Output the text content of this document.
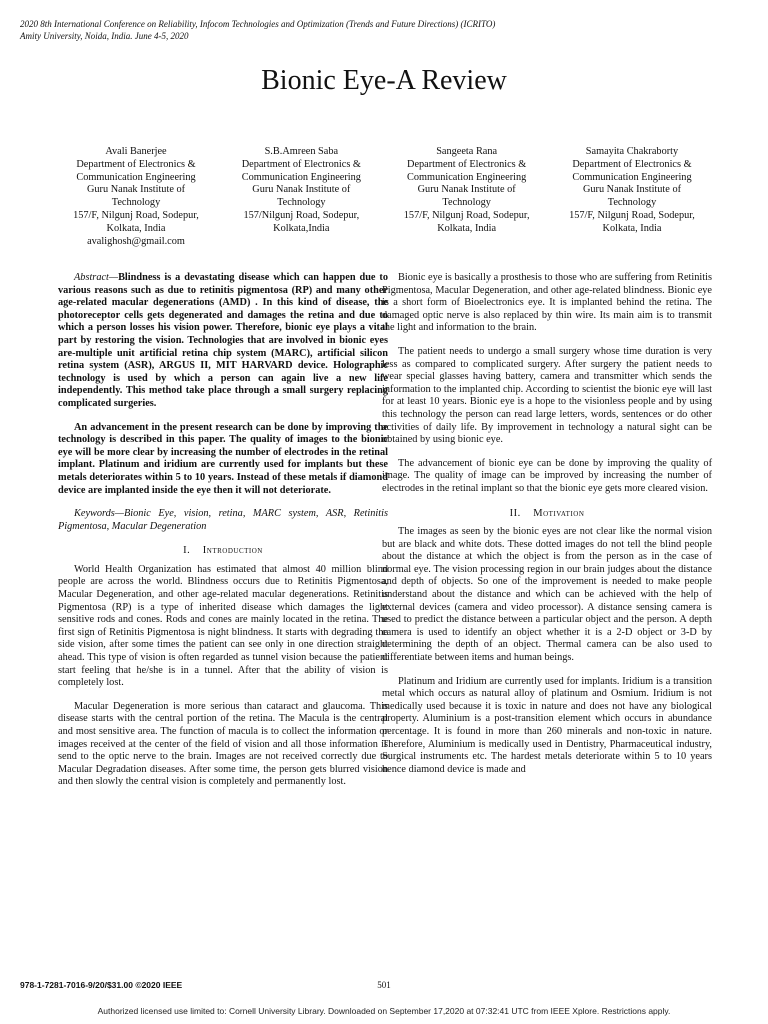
2020 8th International Conference on Reliability, Infocom Technologies and Optimization (Trends and Future Directions) (ICRITO)
Amity University, Noida, India. June 4-5, 2020
Bionic Eye-A Review
Avali Banerjee
Department of Electronics &
Communication Engineering
Guru Nanak Institute of
Technology
157/F, Nilgunj Road, Sodepur,
Kolkata, India
avalighosh@gmail.com
S.B.Amreen Saba
Department of Electronics &
Communication Engineering
Guru Nanak Institute of
Technology
157/Nilgunj Road, Sodepur,
Kolkata,India
Sangeeta Rana
Department of Electronics &
Communication Engineering
Guru Nanak Institute of
Technology
157/F, Nilgunj Road, Sodepur,
Kolkata, India
Samayita Chakraborty
Department of Electronics &
Communication Engineering
Guru Nanak Institute of
Technology
157/F, Nilgunj Road, Sodepur,
Kolkata, India

Abstract—Blindness is a devastating disease which can happen due to various reasons such as due to retinitis pigmentosa (RP) and many other age-related macular degenerations (AMD) . In this kind of disease, the photoreceptor cells gets degenerated and damages the retina and due to which a person losses his vision power. Therefore, bionic eye plays a vital part by restoring the vision. Technologies that are involved in bionic eyes are-multiple unit artificial retina chip system (MARC), artificial silicon retina system (ASR), ARGUS II, MIT HARVARD device. Holographic technology is used by which a person can again live a new life independently. This method take place through a small surgery replacing complicated surgeries.

An advancement in the present research can be done by improving the technology is described in this paper. The quality of images to the bionic eye will be more clear by increasing the number of electrodes in the retinal implant. Platinum and iridium are currently used for implants but these metals deteriorates within 5 to 10 years. Instead of these metals if diamond device are implanted inside the eye then it will not deteriorate.

Keywords—Bionic Eye, vision, retina, MARC system, ASR, Retinitis Pigmentosa, Macular Degeneration

I. Introduction

World Health Organization has estimated that almost 40 million blind people are across the world. Blindness occurs due to Retinitis Pigmentosa, Macular Degeneration, and other age-related macular degenerations. Retinitis Pigmentosa (RP) is a type of inherited disease which damages the light sensitive rods and cones. Rods and cones are mainly located in the retina. The first sign of Retinitis Pigmentosa is night blindness. It starts with degrading the side vision, after some times the patient can see only in one direction straight ahead. This type of vision is often regarded as tunnel vision because the patient start feeling that he/she is in a tunnel. After that the ability of vision is completely lost.

Macular Degeneration is more serious than cataract and glaucoma. This disease starts with the central portion of the retina. The Macula is the central and most sensitive area. The function of macula is to collect the information or images received at the center of the field of vision and all those information is send to the optic nerve to the brain. Images are not received correctly due to Macular Degradation diseases. After some time, the person gets blurred vision and then slowly the central vision is completely and permanently lost.

Bionic eye is basically a prosthesis to those who are suffering from Retinitis Pigmentosa, Macular Degeneration, and other age-related blindness. Bionic eye is a short form of Bioelectronics eye. It is implanted behind the retina. The damaged optic nerve is also replaced by thin wire. Its main aim is to transmit the light and information to the brain.

The patient needs to undergo a small surgery whose time duration is very less as compared to complicated surgery. After surgery the patient needs to wear special glasses having battery, camera and transmitter which sends the information to the implanted chip. According to scientist the bionic eye will last for at least 10 years. Bionic eye is a hope to the visionless people and by using this technology the person can read large letters, words, sentences or do other activities of daily life. By improvement in technology a natural sight can be obtained by using bionic eye.

The advancement of bionic eye can be done by improving the quality of image. The quality of image can be improved by increasing the number of electrodes in the retinal implant so that the bionic eye gets more cleared vision.

II. Motivation

The images as seen by the bionic eyes are not clear like the normal vision but are black and white dots. These dotted images do not tell the blind people about the distance at which the object is from the person as in the case of normal eye. The vision processing region in our brain judges about the distance and depth of objects. So one of the improvement is needed to make people understand about the distance and which can be achieved with the help of external devices (camera and video processor). A distance sensing camera is used to predict the distance between a particular object and the person. A depth camera is used to identify an object whether it is a 2-D object or 3-D by determining the depth of an object. Thermal camera can be also used to differentiate between items and human beings.

Platinum and Iridium are currently used for implants. Iridium is a transition metal which occurs as natural alloy of platinum and Osmium. Iridium is not medically used because it is toxic in nature and does not have any biological property. Aluminium is a post-transition element which occurs in abundance percentage. It is found in more than 260 minerals and non-toxic in nature. Therefore, Aluminium is medically used in Dentistry, Pharmaceutical industry, Surgical instruments etc. The hardest metals deteriorate within 5 to 10 years hence diamond device is made and

978-1-7281-7016-9/20/$31.00 ©2020 IEEE	501
Authorized licensed use limited to: Cornell University Library. Downloaded on September 17,2020 at 07:32:41 UTC from IEEE Xplore. Restrictions apply.
